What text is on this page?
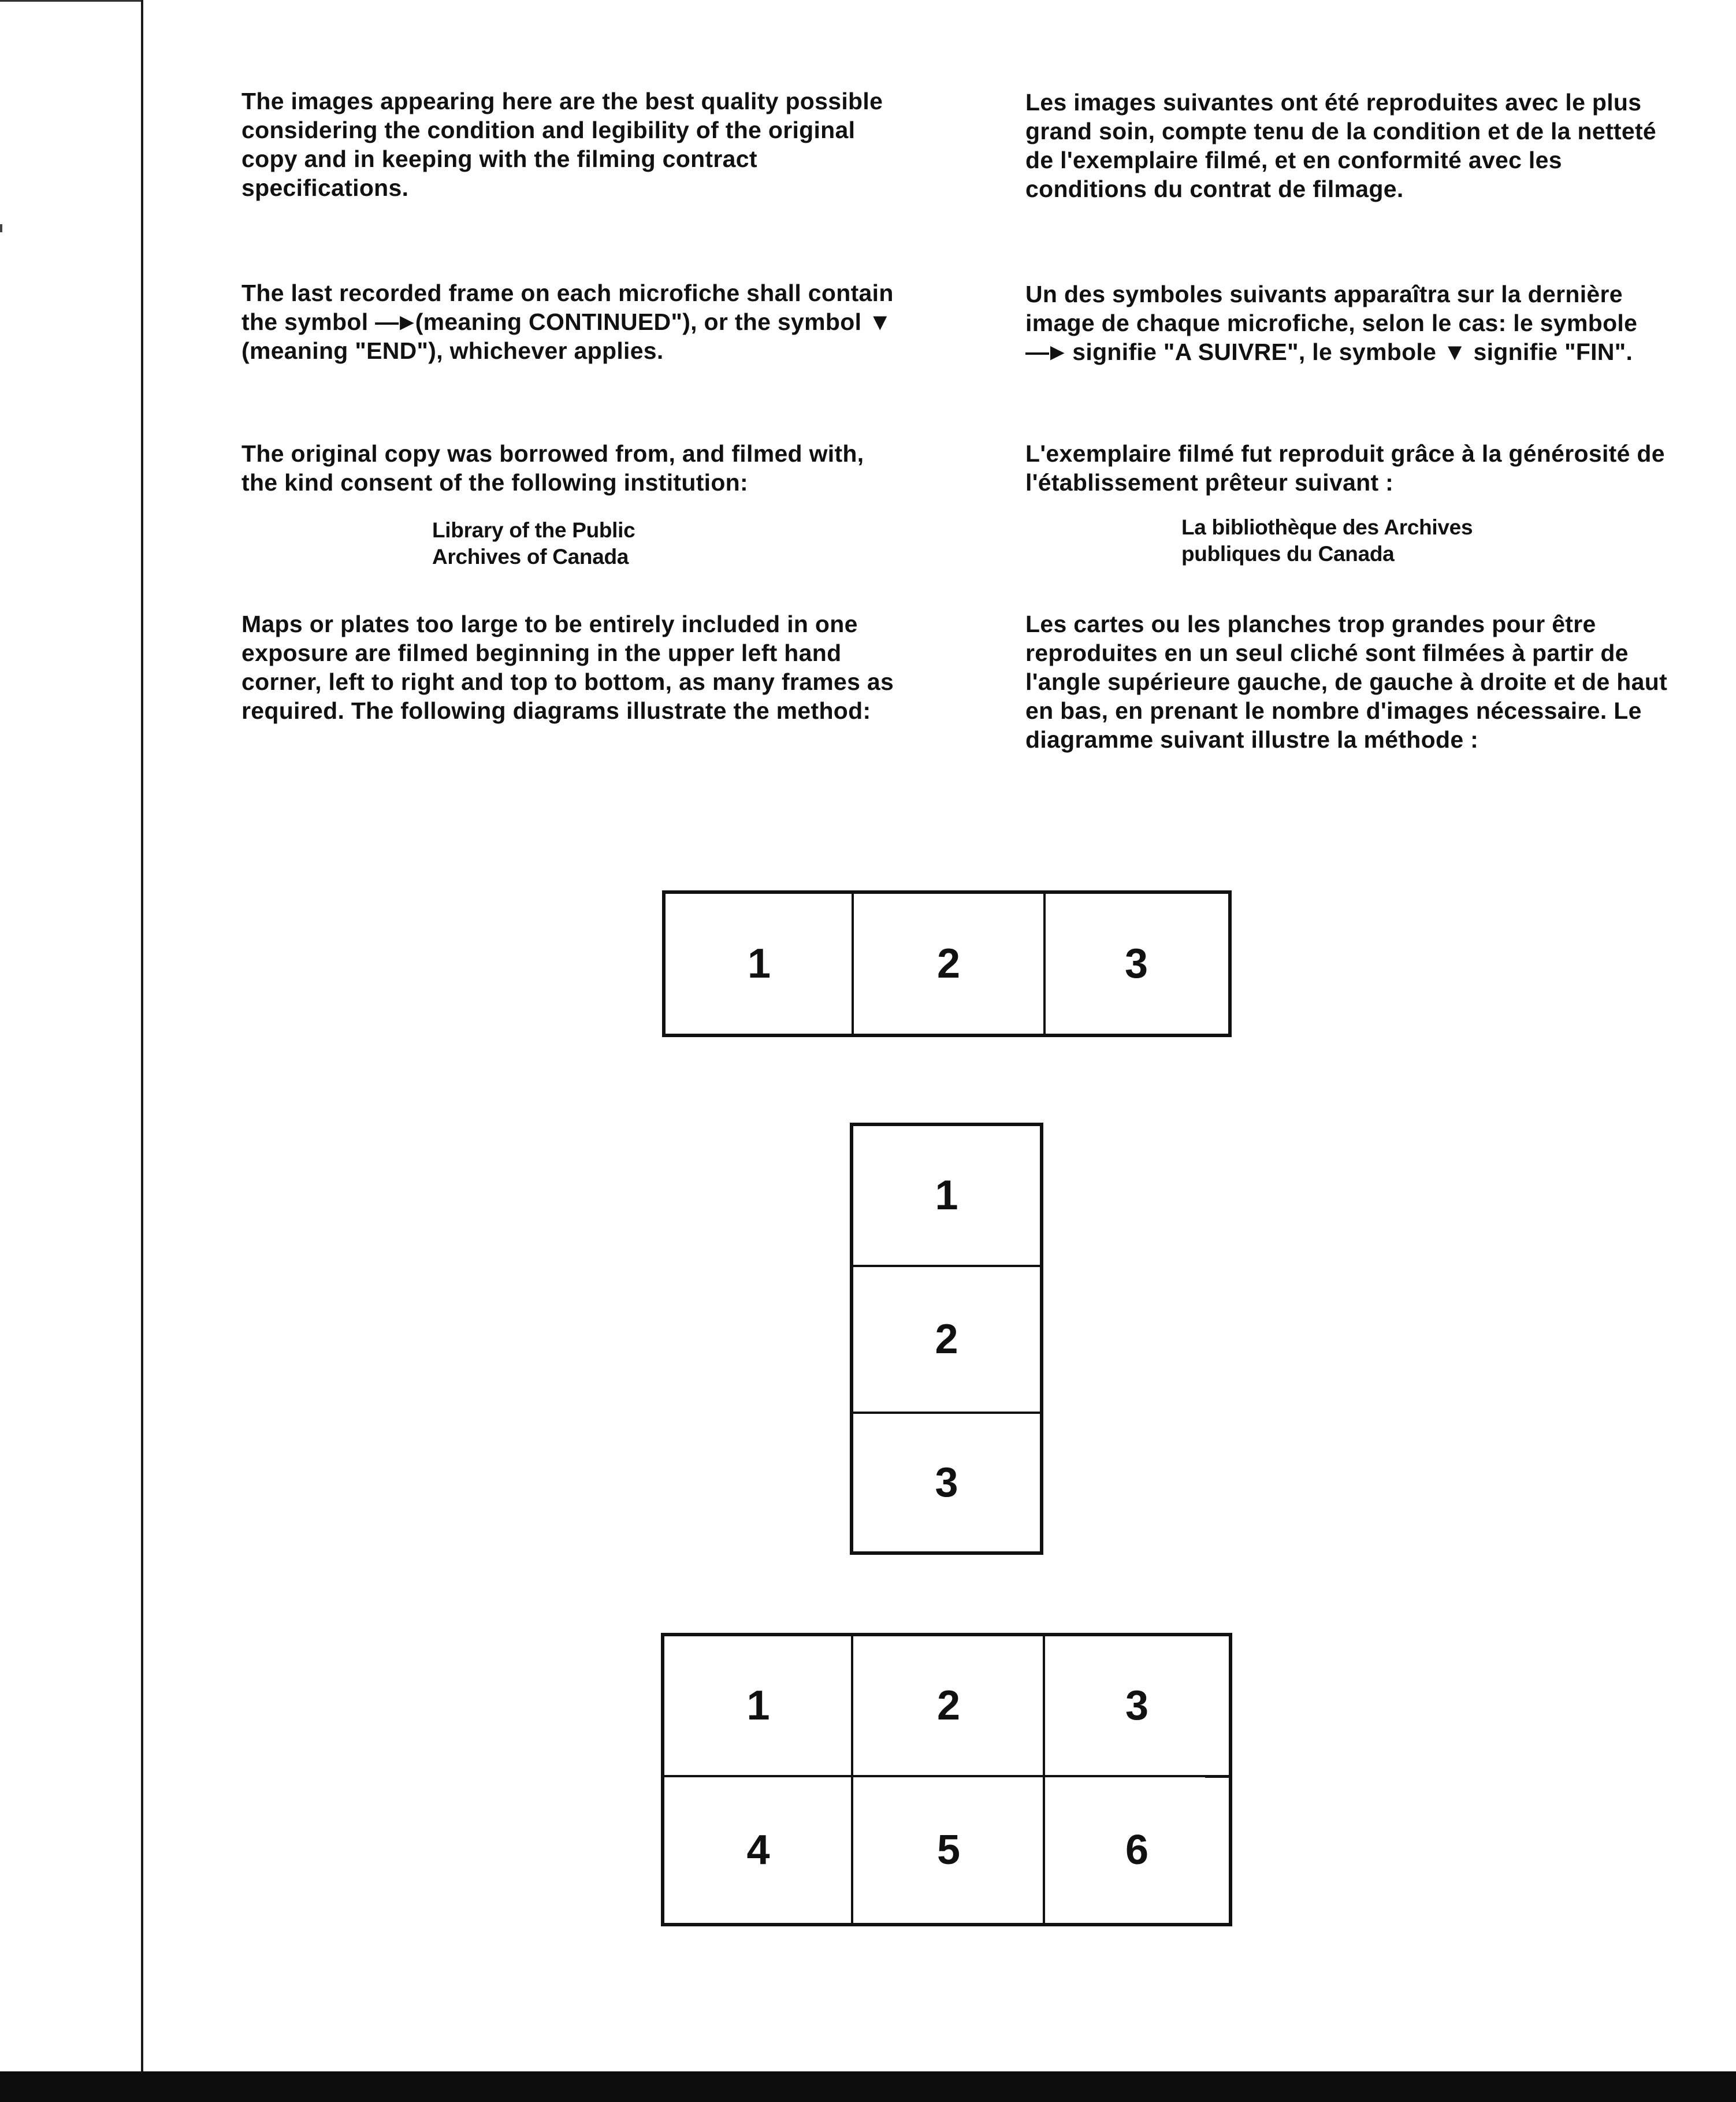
The images appearing here are the best quality possible considering the condition and legibility of the original copy and in keeping with the filming contract specifications.

The last recorded frame on each microfiche shall contain the symbol —►(meaning CONTINUED"), or the symbol ▼ (meaning "END"), whichever applies.

The original copy was borrowed from, and filmed with, the kind consent of the following institution:

Library of the Public
Archives of Canada

Maps or plates too large to be entirely included in one exposure are filmed beginning in the upper left hand corner, left to right and top to bottom, as many frames as required. The following diagrams illustrate the method:

Les images suivantes ont été reproduites avec le plus grand soin, compte tenu de la condition et de la netteté de l'exemplaire filmé, et en conformité avec les conditions du contrat de filmage.

Un des symboles suivants apparaîtra sur la dernière image de chaque microfiche, selon le cas: le symbole —► signifie "A SUIVRE", le symbole ▼ signifie "FIN".

L'exemplaire filmé fut reproduit grâce à la générosité de l'établissement prêteur suivant :

La bibliothèque des Archives
publiques du Canada

Les cartes ou les planches trop grandes pour être reproduites en un seul cliché sont filmées à partir de l'angle supérieure gauche, de gauche à droite et de haut en bas, en prenant le nombre d'images nécessaire. Le diagramme suivant illustre la méthode :

1	2	3
1
2
3
1	2	3
4	5	6
